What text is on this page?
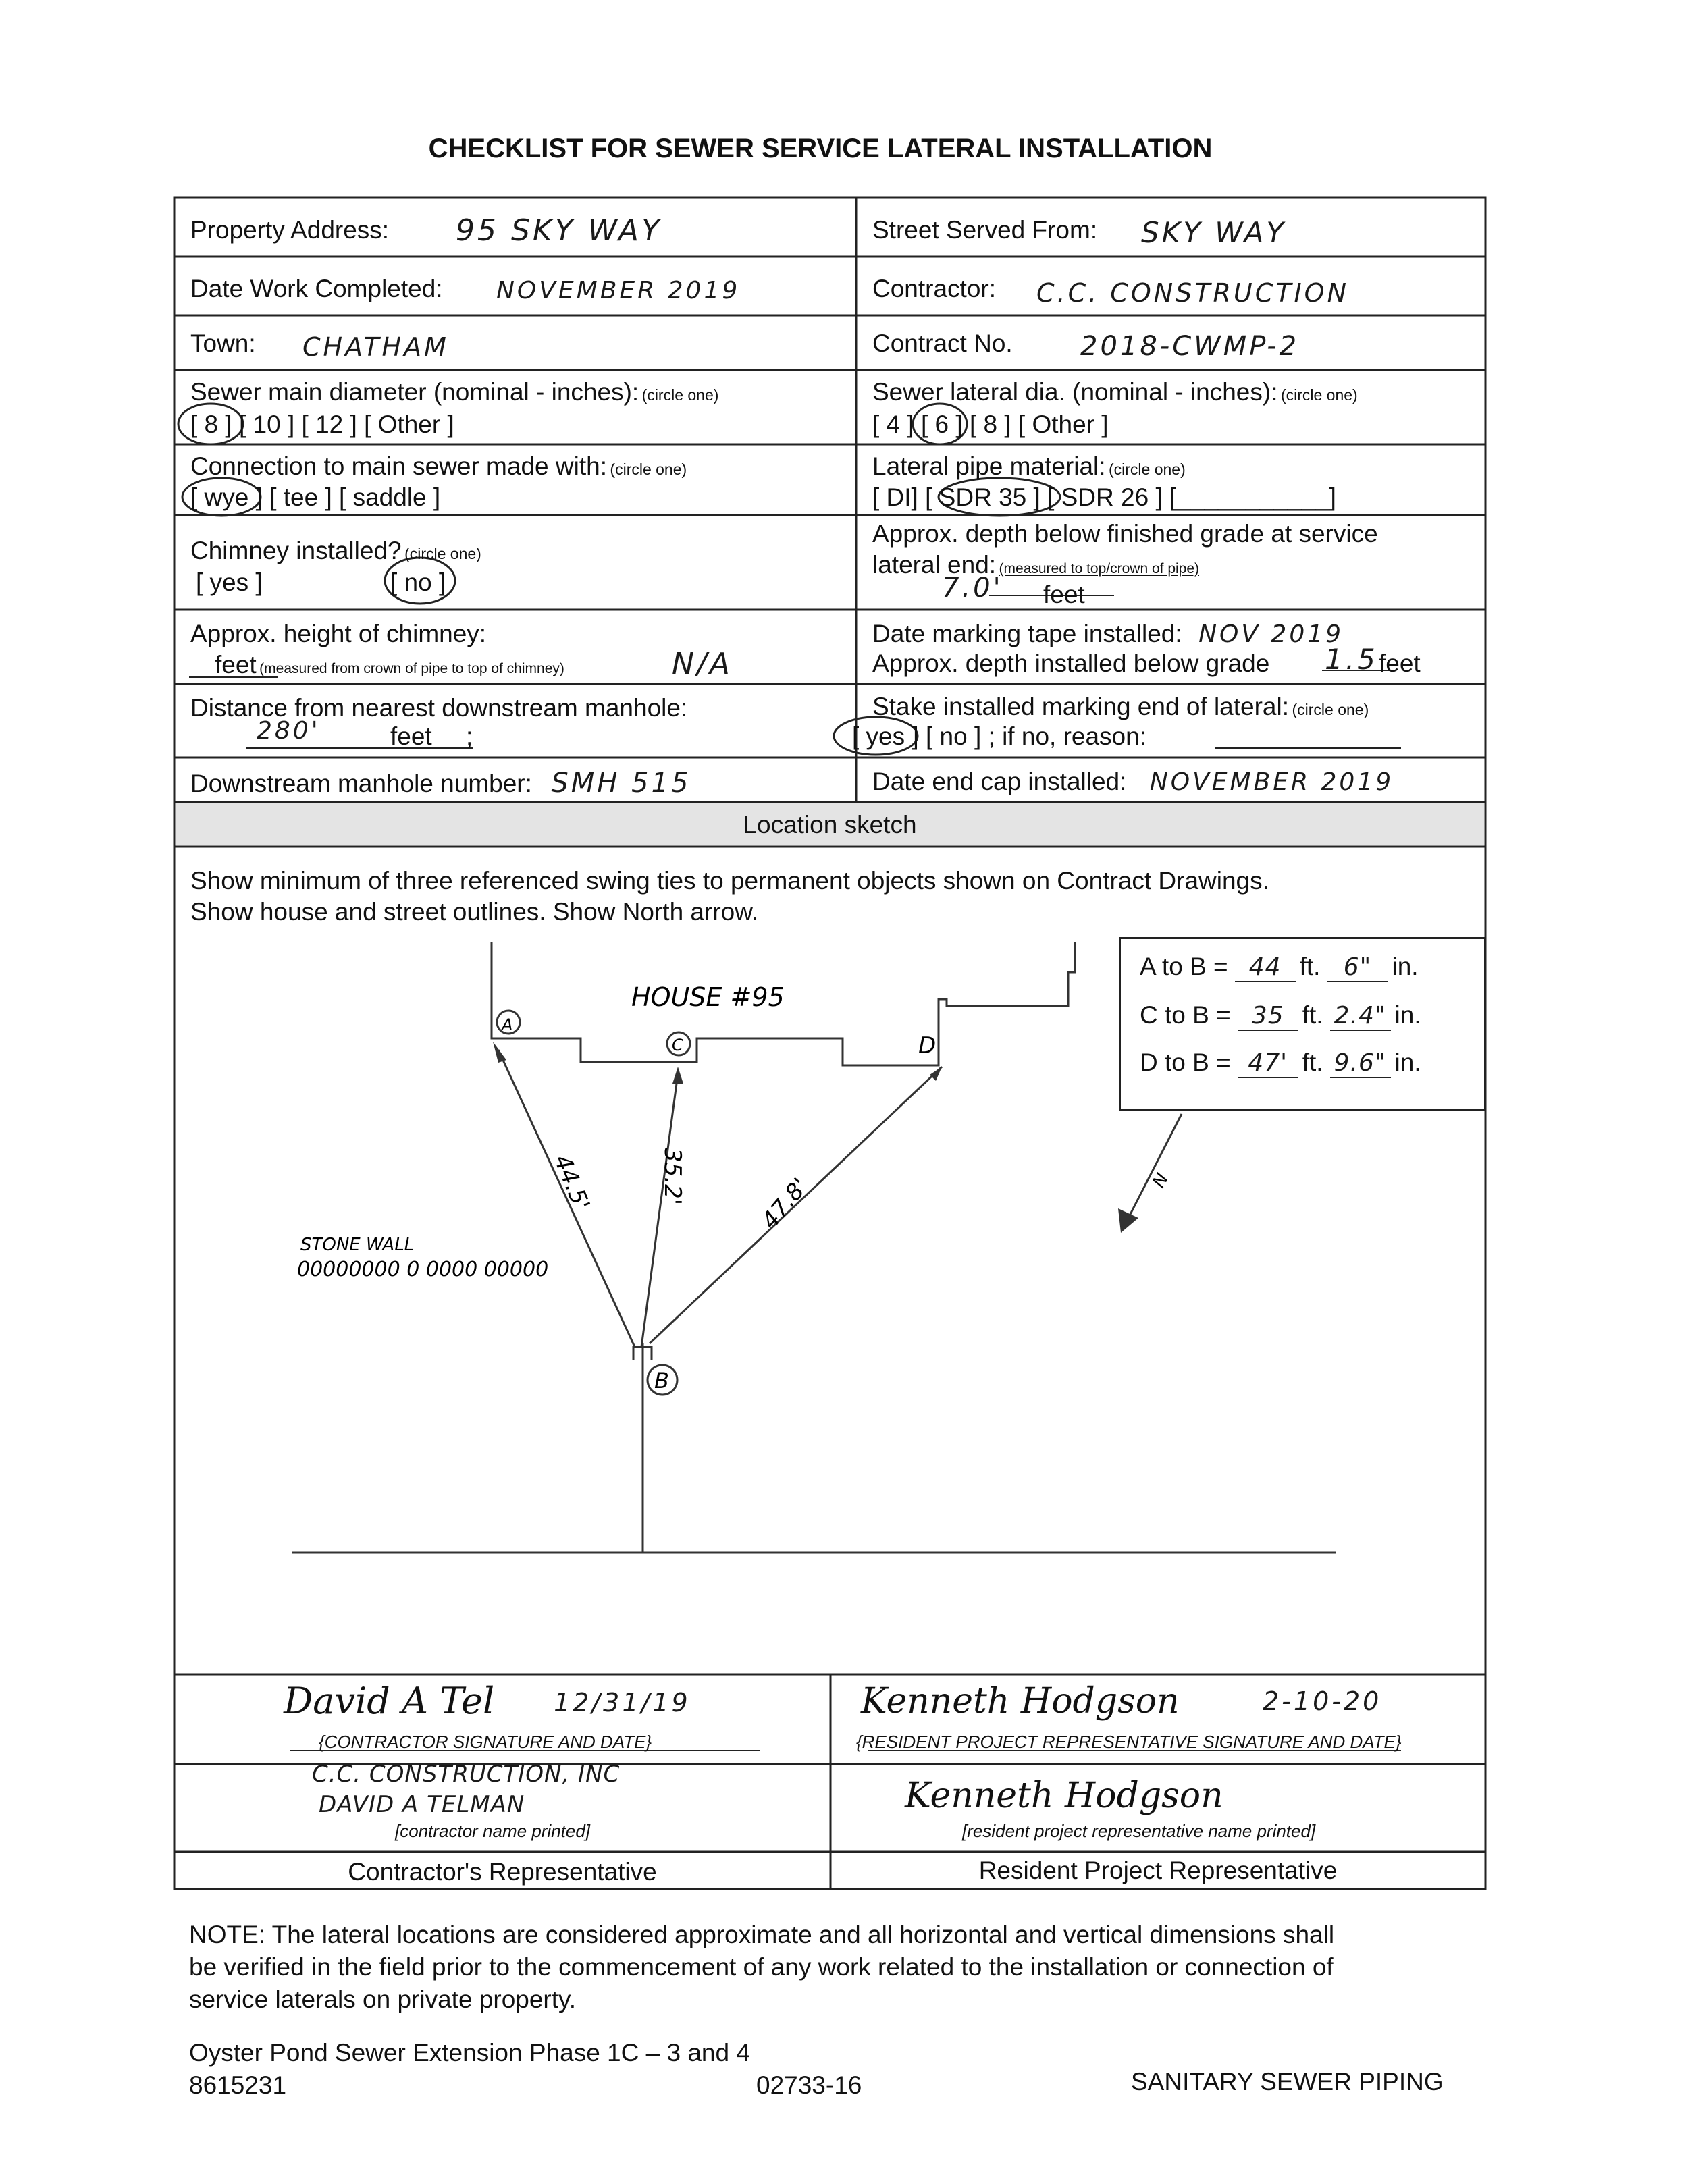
CHECKLIST FOR SEWER SERVICE LATERAL INSTALLATION
Property Address: 95 SKY WAY	Street Served From: SKY WAY
Date Work Completed: NOVEMBER 2019	Contractor: C.C. CONSTRUCTION
Town: CHATHAM	Contract No.	2018-CWMP-2
Sewer main diameter (nominal - inches): (circle one)
[ 8 ] [ 10 ] [ 12 ] [ Other ]
Sewer lateral dia. (nominal - inches): (circle one)
[ 4 ] [ 6 ] [ 8 ] [ Other ]
Connection to main sewer made with: (circle one)
[ wye ] [ tee ] [ saddle ]
Lateral pipe material: (circle one)
[ DI] [ SDR 35 ] [ SDR 26 ] [___________]
Chimney installed? (circle one)
[ yes ]	[ no ]
Approx. depth below finished grade at service
lateral end: (measured to top/crown of pipe)
7.0' feet
Approx. height of chimney:
feet (measured from crown of pipe to top of chimney)	N/A
Date marking tape installed: NOV 2019
Approx. depth installed below grade 1.5 feet
Distance from nearest downstream manhole:
280'	feet ;
Stake installed marking end of lateral: (circle one)
[ yes ] [ no ] ; if no, reason:
Downstream manhole number: SMH 515	Date end cap installed: NOVEMBER 2019
Location sketch
Show minimum of three referenced swing ties to permanent objects shown on Contract Drawings.
Show house and street outlines. Show North arrow.
A to B = 44 ft. 6" in.
C to B = 35 ft. 2.4" in.
D to B = 47' ft. 9.6" in.
HOUSE #95
A
C	D
B
STONE WALL
00000000 0 0000 00000
44.5'	35.2'	47.8'	N
David A Tel 12/31/19
{CONTRACTOR SIGNATURE AND DATE}
Kenneth Hodgson	2-10-20
{RESIDENT PROJECT REPRESENTATIVE SIGNATURE AND DATE}
C.C. CONSTRUCTION, INC
DAVID A TELMAN
[contractor name printed]
Kenneth Hodgson
[resident project representative name printed]
Contractor's Representative	Resident Project Representative
NOTE: The lateral locations are considered approximate and all horizontal and vertical dimensions shall
be verified in the field prior to the commencement of any work related to the installation or connection of
service laterals on private property.
Oyster Pond Sewer Extension Phase 1C – 3 and 4
8615231	02733-16	SANITARY SEWER PIPING
